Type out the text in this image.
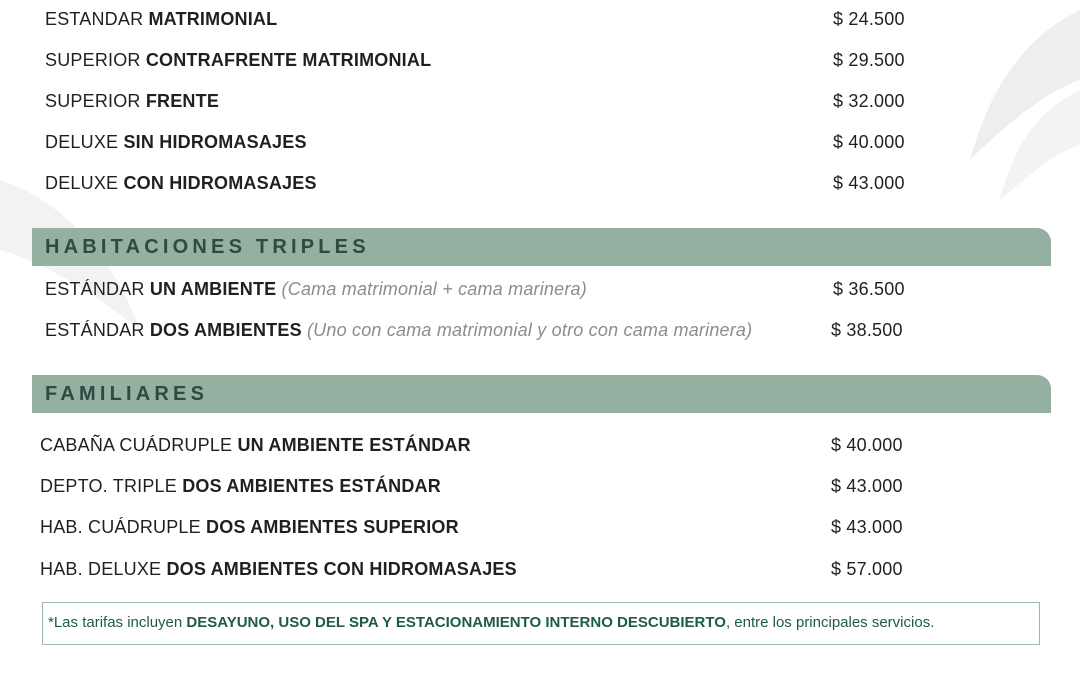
ESTANDAR MATRIMONIAL	$ 24.500
SUPERIOR CONTRAFRENTE MATRIMONIAL	$ 29.500
SUPERIOR FRENTE	$ 32.000
DELUXE SIN HIDROMASAJES	$ 40.000
DELUXE CON HIDROMASAJES	$ 43.000
HABITACIONES TRIPLES
ESTÁNDAR UN AMBIENTE (Cama matrimonial + cama marinera)	$ 36.500
ESTÁNDAR DOS AMBIENTES (Uno con cama matrimonial y otro con cama marinera)	$ 38.500
FAMILIARES
CABAÑA CUÁDRUPLE UN AMBIENTE ESTÁNDAR	$ 40.000
DEPTO. TRIPLE DOS AMBIENTES ESTÁNDAR	$ 43.000
HAB. CUÁDRUPLE DOS AMBIENTES SUPERIOR	$ 43.000
HAB. DELUXE DOS AMBIENTES CON HIDROMASAJES	$ 57.000
*Las tarifas incluyen DESAYUNO, USO DEL SPA Y ESTACIONAMIENTO INTERNO DESCUBIERTO, entre los principales servicios.
